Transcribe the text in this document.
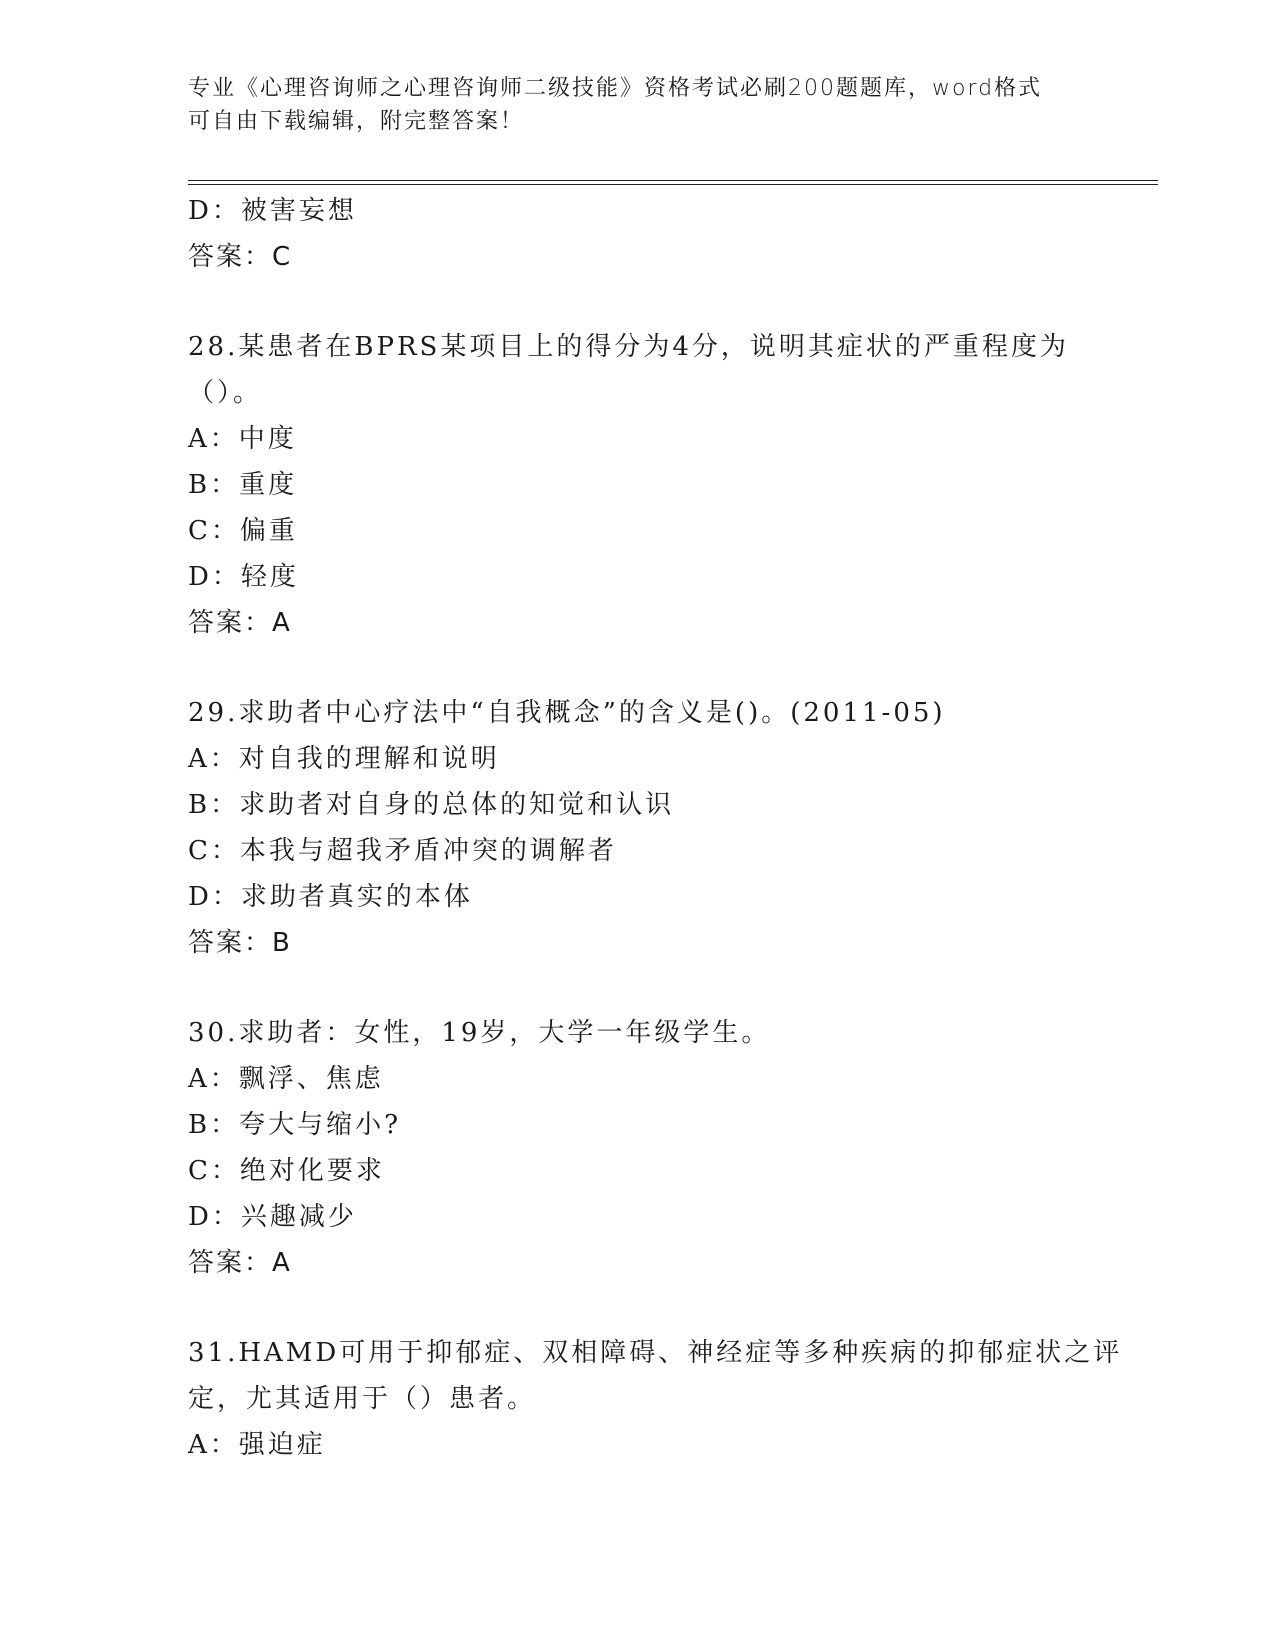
专业《心理咨询师之心理咨询师二级技能》资格考试必刷200题题库，word格式
可自由下载编辑，附完整答案！
D：被害妄想
答案：C
28.某患者在BPRS某项目上的得分为4分，说明其症状的严重程度为
（）。
A：中度
B：重度
C：偏重
D：轻度
答案：A
29.求助者中心疗法中“自我概念”的含义是()。(2011-05)
A：对自我的理解和说明
B：求助者对自身的总体的知觉和认识
C：本我与超我矛盾冲突的调解者
D：求助者真实的本体
答案：B
30.求助者：女性，19岁，大学一年级学生。
A：飘浮、焦虑
B：夸大与缩小?
C：绝对化要求
D：兴趣减少
答案：A
31.HAMD可用于抑郁症、双相障碍、神经症等多种疾病的抑郁症状之评
定，尤其适用于（）患者。
A：强迫症
